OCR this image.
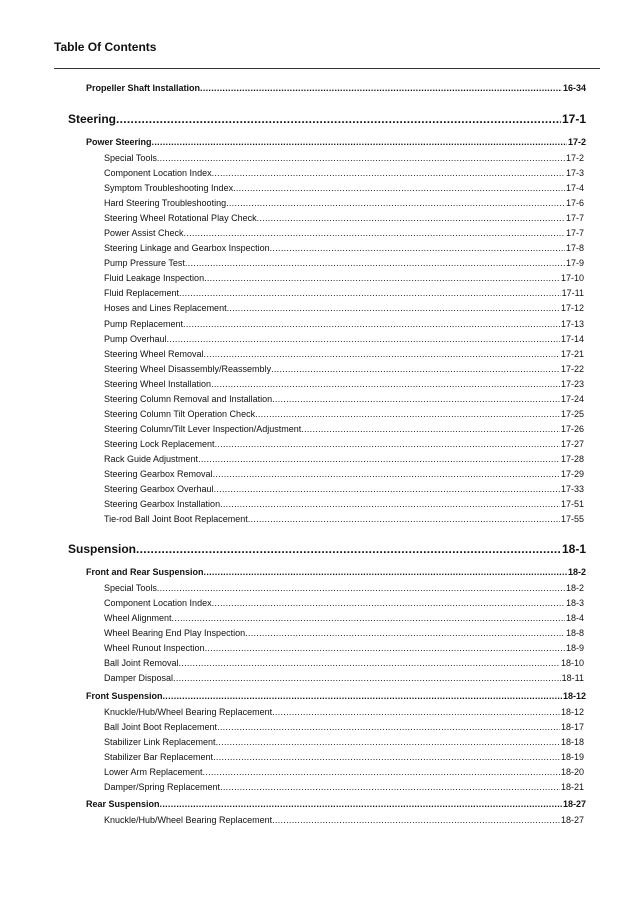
Table Of Contents
Propeller Shaft Installation .....	16-34
Steering .....	17-1
Power Steering .....	17-2
Special Tools .....	17-2
Component Location Index .....	17-3
Symptom Troubleshooting Index .....	17-4
Hard Steering Troubleshooting .....	17-6
Steering Wheel Rotational Play Check .....	17-7
Power Assist Check .....	17-7
Steering Linkage and Gearbox Inspection .....	17-8
Pump Pressure Test .....	17-9
Fluid Leakage Inspection .....	17-10
Fluid Replacement .....	17-11
Hoses and Lines Replacement .....	17-12
Pump Replacement .....	17-13
Pump Overhaul .....	17-14
Steering Wheel Removal .....	17-21
Steering Wheel Disassembly/Reassembly .....	17-22
Steering Wheel Installation .....	17-23
Steering Column Removal and Installation .....	17-24
Steering Column Tilt Operation Check .....	17-25
Steering Column/Tilt Lever Inspection/Adjustment .....	17-26
Steering Lock Replacement .....	17-27
Rack Guide Adjustment .....	17-28
Steering Gearbox Removal .....	17-29
Steering Gearbox Overhaul .....	17-33
Steering Gearbox Installation .....	17-51
Tie-rod Ball Joint Boot Replacement .....	17-55
Suspension .....	18-1
Front and Rear Suspension .....	18-2
Special Tools .....	18-2
Component Location Index .....	18-3
Wheel Alignment .....	18-4
Wheel Bearing End Play Inspection .....	18-8
Wheel Runout Inspection .....	18-9
Ball Joint Removal .....	18-10
Damper Disposal .....	18-11
Front Suspension .....	18-12
Knuckle/Hub/Wheel Bearing Replacement .....	18-12
Ball Joint Boot Replacement .....	18-17
Stabilizer Link Replacement .....	18-18
Stabilizer Bar Replacement .....	18-19
Lower Arm Replacement .....	18-20
Damper/Spring Replacement .....	18-21
Rear Suspension .....	18-27
Knuckle/Hub/Wheel Bearing Replacement .....	18-27
